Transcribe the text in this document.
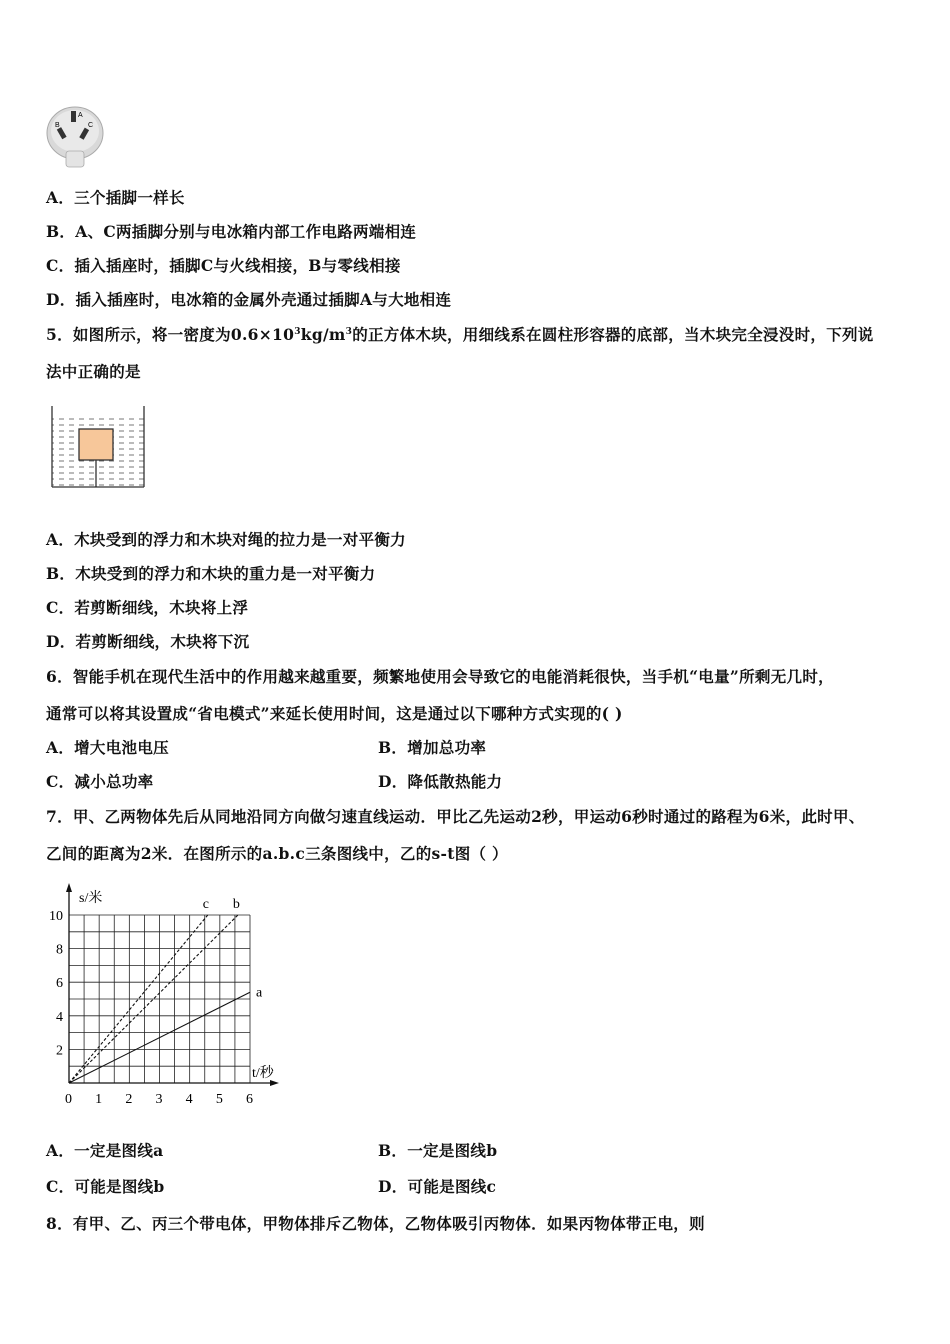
A
B	C
A．三个插脚一样长
B．A、C两插脚分别与电冰箱内部工作电路两端相连
C．插入插座时，插脚C与火线相接，B与零线相接
D．插入插座时，电冰箱的金属外壳通过插脚A与大地相连
5．如图所示，将一密度为$0.6\times 10^3kg/m^3$的正方体木块，用细线系在圆柱形容器的底部，当木块完全浸没时，下列说
法中正确的是
A．木块受到的浮力和木块对绳的拉力是一对平衡力
B．木块受到的浮力和木块的重力是一对平衡力
C．若剪断细线，木块将上浮
D．若剪断细线，木块将下沉
6．智能手机在现代生活中的作用越来越重要，频繁地使用会导致它的电能消耗很快，当手机“电量”所剩无几时，
通常可以将其设置成“省电模式”来延长使用时间，这是通过以下哪种方式实现的( )
A．增大电池电压	B．增加总功率
C．减小总功率	D．降低散热能力
7．甲、乙两物体先后从同地沿同方向做匀速直线运动．甲比乙先运动2秒，甲运动6秒时通过的路程为6米，此时甲、
乙间的距离为2米．在图所示的a.b.c三条图线中，乙的s-t图（ ）
0 1 2 3 4 5 6
2
4
6
8
10
s/米
t/秒
a
b
c
A．一定是图线a	B．一定是图线b
C．可能是图线b	D．可能是图线c
8．有甲、乙、丙三个带电体，甲物体排斥乙物体，乙物体吸引丙物体．如果丙物体带正电，则
